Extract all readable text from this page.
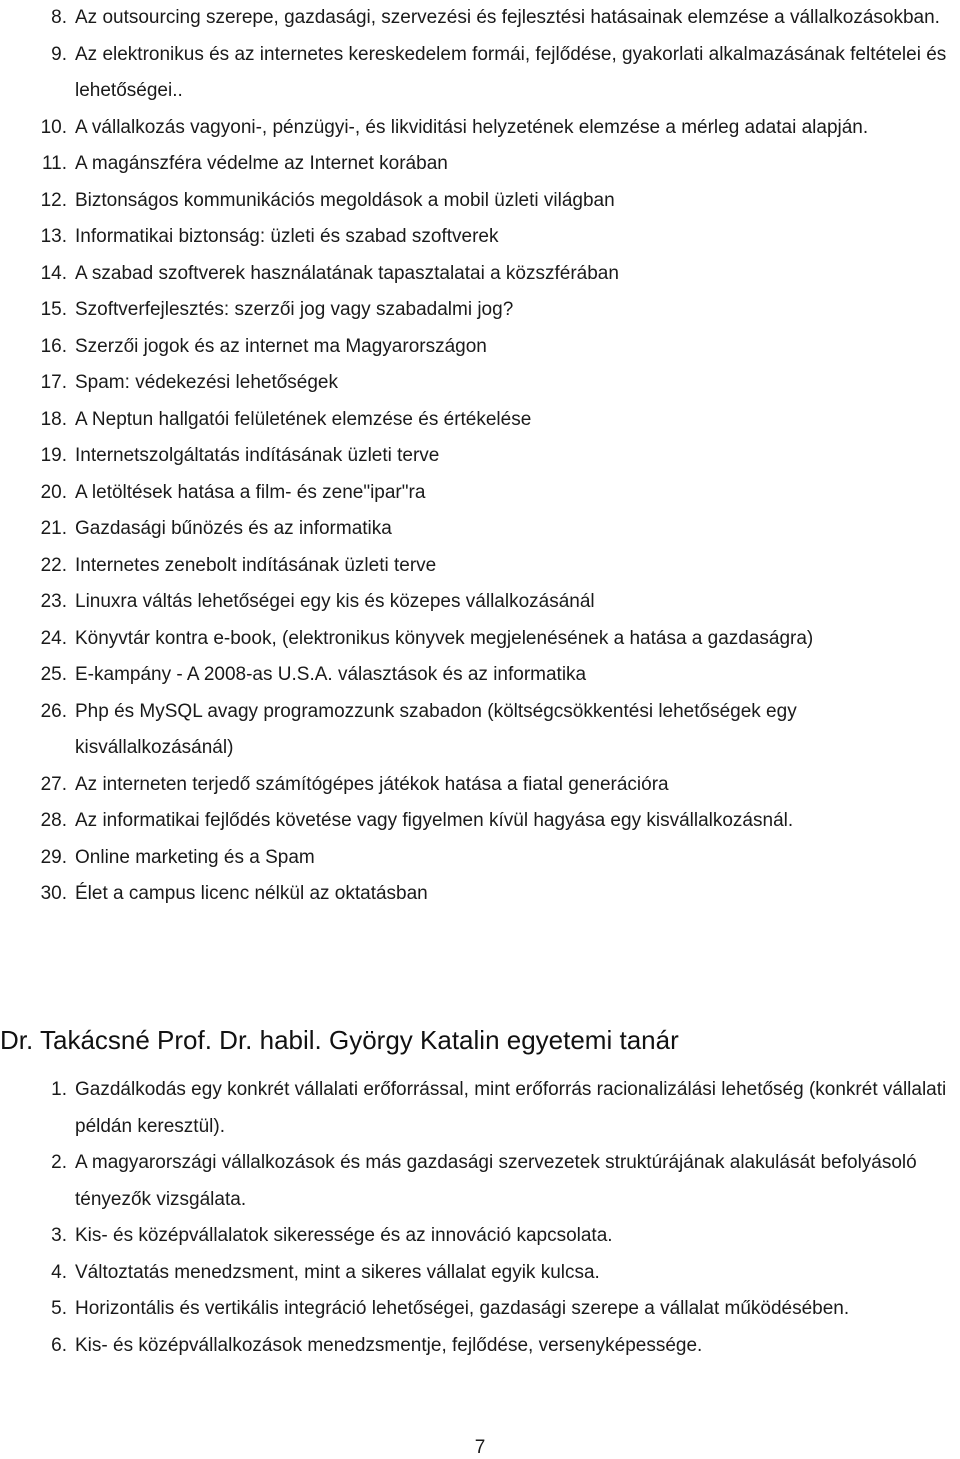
8. Az outsourcing szerepe, gazdasági, szervezési és fejlesztési hatásainak elemzése a vállalkozásokban.
9. Az elektronikus és az internetes kereskedelem formái, fejlődése, gyakorlati alkalmazásának feltételei és lehetőségei..
10. A vállalkozás vagyoni-, pénzügyi-, és likviditási helyzetének elemzése a mérleg adatai alapján.
11. A magánszféra védelme az Internet korában
12. Biztonságos kommunikációs megoldások a mobil üzleti világban
13. Informatikai biztonság: üzleti és szabad szoftverek
14. A szabad szoftverek használatának tapasztalatai a közszférában
15. Szoftverfejlesztés: szerzői jog vagy szabadalmi jog?
16. Szerzői jogok és az internet ma Magyarországon
17. Spam: védekezési lehetőségek
18. A Neptun hallgatói felületének elemzése és értékelése
19. Internetszolgáltatás indításának üzleti terve
20. A letöltések hatása a film- és zene"ipar"ra
21. Gazdasági bűnözés és az informatika
22. Internetes zenebolt indításának üzleti terve
23. Linuxra váltás lehetőségei egy kis és közepes vállalkozásánál
24. Könyvtár kontra e-book, (elektronikus könyvek megjelenésének a hatása a gazdaságra)
25. E-kampány - A 2008-as U.S.A. választások és az informatika
26. Php és MySQL avagy programozzunk szabadon (költségcsökkentési lehetőségek egy kisvállalkozásánál)
27. Az interneten terjedő számítógépes játékok hatása a fiatal generációra
28. Az informatikai fejlődés követése vagy figyelmen kívül hagyása egy kisvállalkozásnál.
29. Online marketing és a Spam
30. Élet a campus licenc nélkül az oktatásban
Dr. Takácsné Prof. Dr. habil. György Katalin egyetemi tanár
1. Gazdálkodás egy konkrét vállalati erőforrással, mint erőforrás racionalizálási lehetőség (konkrét vállalati példán keresztül).
2. A magyarországi vállalkozások és más gazdasági szervezetek struktúrájának alakulását befolyásoló tényezők vizsgálata.
3. Kis- és középvállalatok sikeressége és az innováció kapcsolata.
4. Változtatás menedzsment, mint a sikeres vállalat egyik kulcsa.
5. Horizontális és vertikális integráció lehetőségei, gazdasági szerepe a vállalat működésében.
6. Kis- és középvállalkozások menedzsmentje, fejlődése, versenyképessége.
7
